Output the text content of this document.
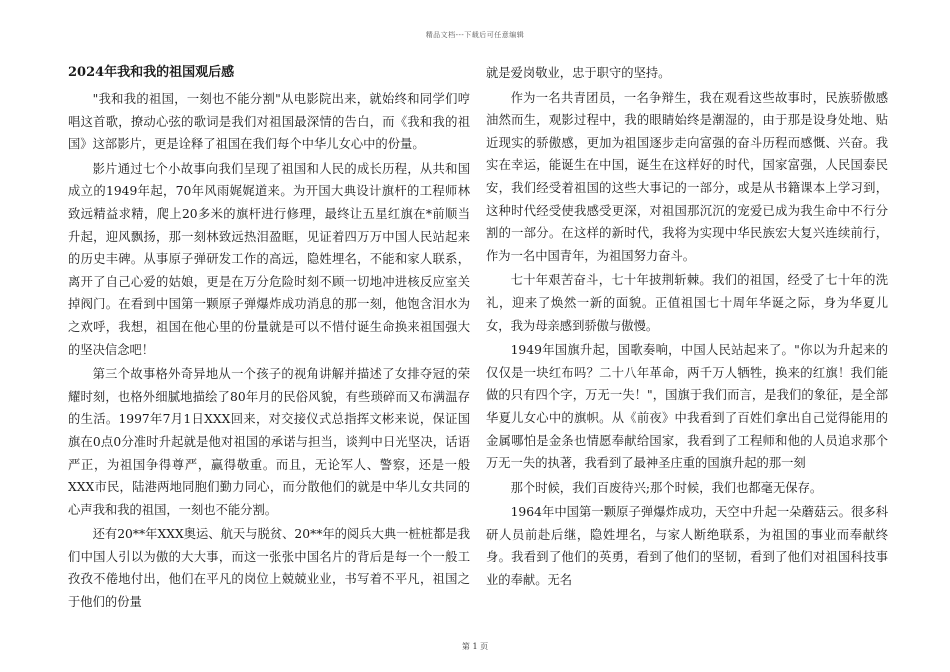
精品文档---下载后可任意编辑
2024年我和我的祖国观后感

"我和我的祖国，一刻也不能分割"从电影院出来，就始终和同学们哼唱这首歌，撩动心弦的歌词是我们对祖国最深情的告白，而《我和我的祖国》这部影片，更是诠释了祖国在我们每个中华儿女心中的份量。

影片通过七个小故事向我们呈现了祖国和人民的成长历程，从共和国成立的1949年起，70年风雨娓娓道来。为开国大典设计旗杆的工程师林致远精益求精，爬上20多米的旗杆进行修理，最终让五星红旗在*前顺当升起，迎风飘扬，那一刻林致远热泪盈眶，见证着四万万中国人民站起来的历史丰碑。从事原子弹研发工作的高远，隐姓埋名，不能和家人联系，离开了自己心爱的姑娘，更是在万分危险时刻不顾一切地冲进核反应室关掉阀门。在看到中国第一颗原子弹爆炸成功消息的那一刻，他饱含泪水为之欢呼，我想，祖国在他心里的份量就是可以不惜付诞生命换来祖国强大的坚决信念吧！

第三个故事格外奇异地从一个孩子的视角讲解并描述了女排夺冠的荣耀时刻，也格外细腻地描绘了80年月的民俗风貌，有些琐碎而又布满温存的生活。1997年7月1日XXX回来，对交接仪式总指挥文彬来说，保证国旗在0点0分准时升起就是他对祖国的承诺与担当，谈判中日光坚决，话语严正，为祖国争得尊严，赢得敬重。而且，无论军人、警察，还是一般XXX市民，陆港两地同胞们勤力同心，而分散他们的就是中华儿女共同的心声我和我的祖国，一刻也不能分割。

还有20**年XXX奥运、航天与脱贫、20**年的阅兵大典一桩桩都是我们中国人引以为傲的大大事，而这一张张中国名片的背后是每一个一般工孜孜不倦地付出，他们在平凡的岗位上兢兢业业，书写着不平凡，祖国之于他们的份量

就是爱岗敬业，忠于职守的坚持。

作为一名共青团员，一名争辩生，我在观看这些故事时，民族骄傲感油然而生，观影过程中，我的眼睛始终是潮湿的，由于那是设身处地、贴近现实的骄傲感，更加为祖国逐步走向富强的奋斗历程而感慨、兴奋。我实在幸运，能诞生在中国，诞生在这样好的时代，国家富强，人民国泰民安，我们经受着祖国的这些大事记的一部分，或是从书籍课本上学习到，这种时代经受使我感受更深，对祖国那沉沉的宠爱已成为我生命中不行分割的一部分。在这样的新时代，我将为实现中华民族宏大复兴连续前行，作为一名中国青年，为祖国努力奋斗。

七十年艰苦奋斗，七十年披荆斩棘。我们的祖国，经受了七十年的洗礼，迎来了焕然一新的面貌。正值祖国七十周年华诞之际，身为华夏儿女，我为母亲感到骄傲与傲慢。

1949年国旗升起，国歌奏响，中国人民站起来了。"你以为升起来的仅仅是一块红布吗？二十八年革命，两千万人牺牲，换来的红旗！我们能做的只有四个字，万无一失！"，国旗于我们而言，是我们的象征，是全部华夏儿女心中的旗帜。从《前夜》中我看到了百姓们拿出自己觉得能用的金属哪怕是金条也情愿奉献给国家，我看到了工程师和他的人员追求那个万无一失的执著，我看到了最神圣庄重的国旗升起的那一刻

那个时候，我们百废待兴;那个时候，我们也都毫无保存。

1964年中国第一颗原子弹爆炸成功，天空中升起一朵蘑菇云。很多科研人员前赴后继，隐姓埋名，与家人断绝联系，为祖国的事业而奉献终身。我看到了他们的英勇，看到了他们的坚韧，看到了他们对祖国科技事业的奉献。无名

第 1 页
